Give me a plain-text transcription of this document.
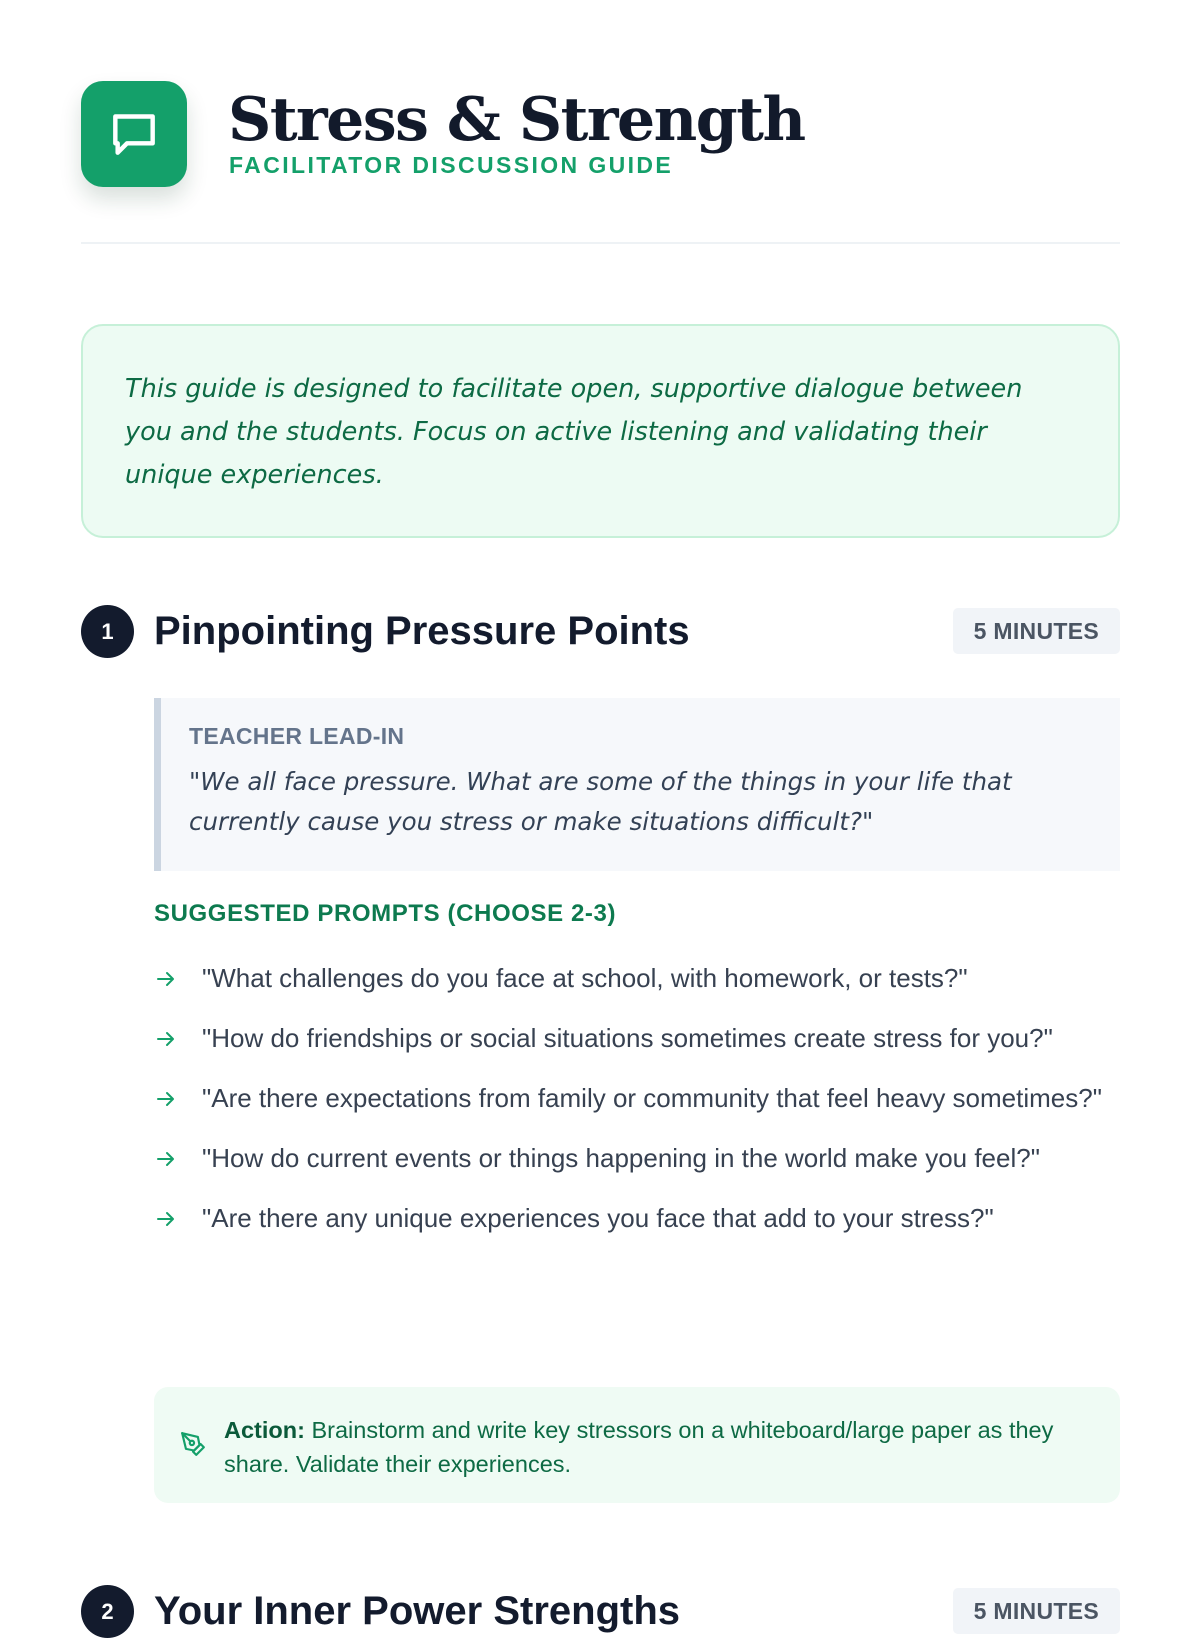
Stress & Strength
FACILITATOR DISCUSSION GUIDE
This guide is designed to facilitate open, supportive dialogue between you and the students. Focus on active listening and validating their unique experiences.
1	Pinpointing Pressure Points	5 MINUTES
TEACHER LEAD-IN
"We all face pressure. What are some of the things in your life that currently cause you stress or make situations difficult?"
SUGGESTED PROMPTS (CHOOSE 2-3)
"What challenges do you face at school, with homework, or tests?"
"How do friendships or social situations sometimes create stress for you?"
"Are there expectations from family or community that feel heavy sometimes?"
"How do current events or things happening in the world make you feel?"
"Are there any unique experiences you face that add to your stress?"
Action: Brainstorm and write key stressors on a whiteboard/large paper as they share. Validate their experiences.
2	Your Inner Power Strengths	5 MINUTES
